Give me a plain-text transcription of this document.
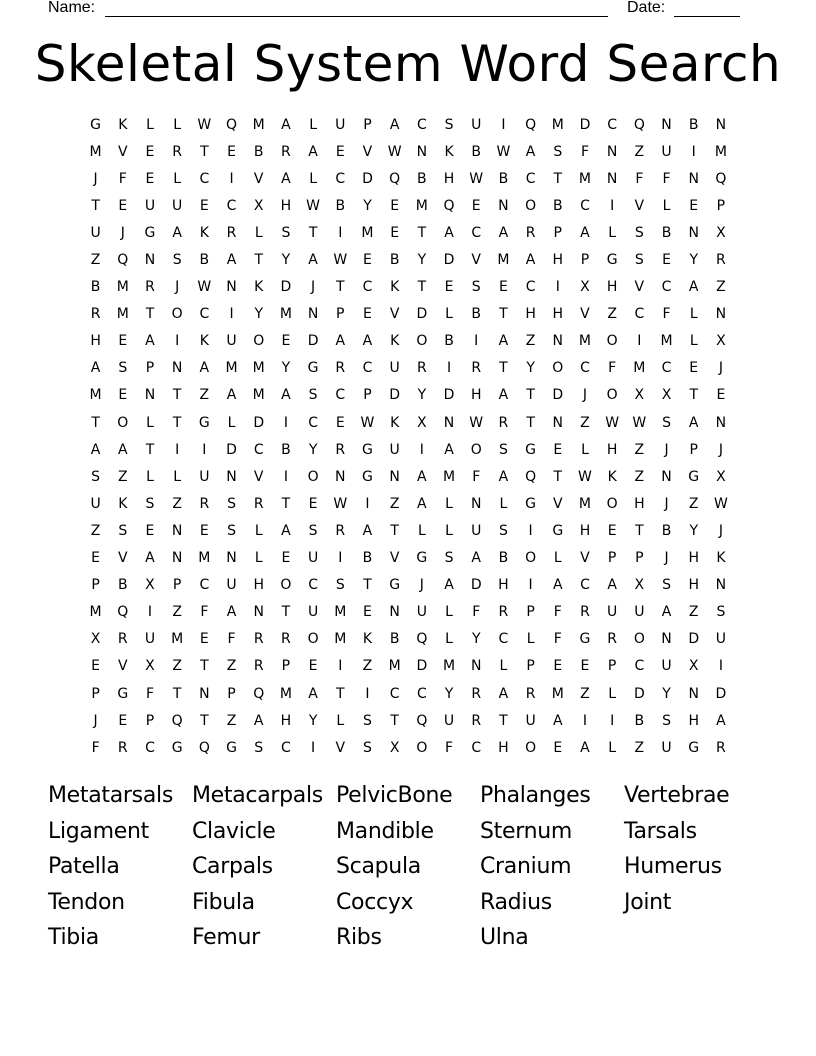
Name:	Date:
Skeletal System Word Search
G	K	L	L	W	Q	M	A	L	U	P	A	C	S	U	I	Q	M	D	C	Q	N	B	N
M	V	E	R	T	E	B	R	A	E	V	W	N	K	B	W	A	S	F	N	Z	U	I	M
J	F	E	L	C	I	V	A	L	C	D	Q	B	H	W	B	C	T	M	N	F	F	N	Q
T	E	U	U	E	C	X	H	W	B	Y	E	M	Q	E	N	O	B	C	I	V	L	E	P
U	J	G	A	K	R	L	S	T	I	M	E	T	A	C	A	R	P	A	L	S	B	N	X
Z	Q	N	S	B	A	T	Y	A	W	E	B	Y	D	V	M	A	H	P	G	S	E	Y	R
B	M	R	J	W	N	K	D	J	T	C	K	T	E	S	E	C	I	X	H	V	C	A	Z
R	M	T	O	C	I	Y	M	N	P	E	V	D	L	B	T	H	H	V	Z	C	F	L	N
H	E	A	I	K	U	O	E	D	A	A	K	O	B	I	A	Z	N	M	O	I	M	L	X
A	S	P	N	A	M	M	Y	G	R	C	U	R	I	R	T	Y	O	C	F	M	C	E	J
M	E	N	T	Z	A	M	A	S	C	P	D	Y	D	H	A	T	D	J	O	X	X	T	E
T	O	L	T	G	L	D	I	C	E	W	K	X	N	W	R	T	N	Z	W W	S	A	N
A	A	T	I	I	D	C	B	Y	R	G	U	I	A	O	S	G	E	L	H	Z	J	P	J
S	Z	L	L	U	N	V	I	O	N	G	N	A	M	F	A	Q	T	W	K	Z	N	G	X
U	K	S	Z	R	S	R	T	E	W	I	Z	A	L	N	L	G	V	M	O	H	J	Z	W
Z	S	E	N	E	S	L	A	S	R	A	T	L	L	U	S	I	G	H	E	T	B	Y	J
E	V	A	N	M	N	L	E	U	I	B	V	G	S	A	B	O	L	V	P	P	J	H	K
P	B	X	P	C	U	H	O	C	S	T	G	J	A	D	H	I	A	C	A	X	S	H	N
M	Q	I	Z	F	A	N	T	U	M	E	N	U	L	F	R	P	F	R	U	U	A	Z	S
X	R	U	M	E	F	R	R	O	M	K	B	Q	L	Y	C	L	F	G	R	O	N	D	U
E	V	X	Z	T	Z	R	P	E	I	Z	M	D	M	N	L	P	E	E	P	C	U	X	I
P	G	F	T	N	P	Q	M	A	T	I	C	C	Y	R	A	R	M	Z	L	D	Y	N	D
J	E	P	Q	T	Z	A	H	Y	L	S	T	Q	U	R	T	U	A	I	I	B	S	H	A
F	R	C	G	Q	G	S	C	I	V	S	X	O	F	C	H	O	E	A	L	Z	U	G	R
Metatarsals Metacarpals PelvicBone	Phalanges	Vertebrae
Ligament	Clavicle	Mandible	Sternum	Tarsals
Patella	Carpals	Scapula	Cranium	Humerus
Tendon	Fibula	Coccyx	Radius	Joint
Tibia	Femur	Ribs	Ulna
